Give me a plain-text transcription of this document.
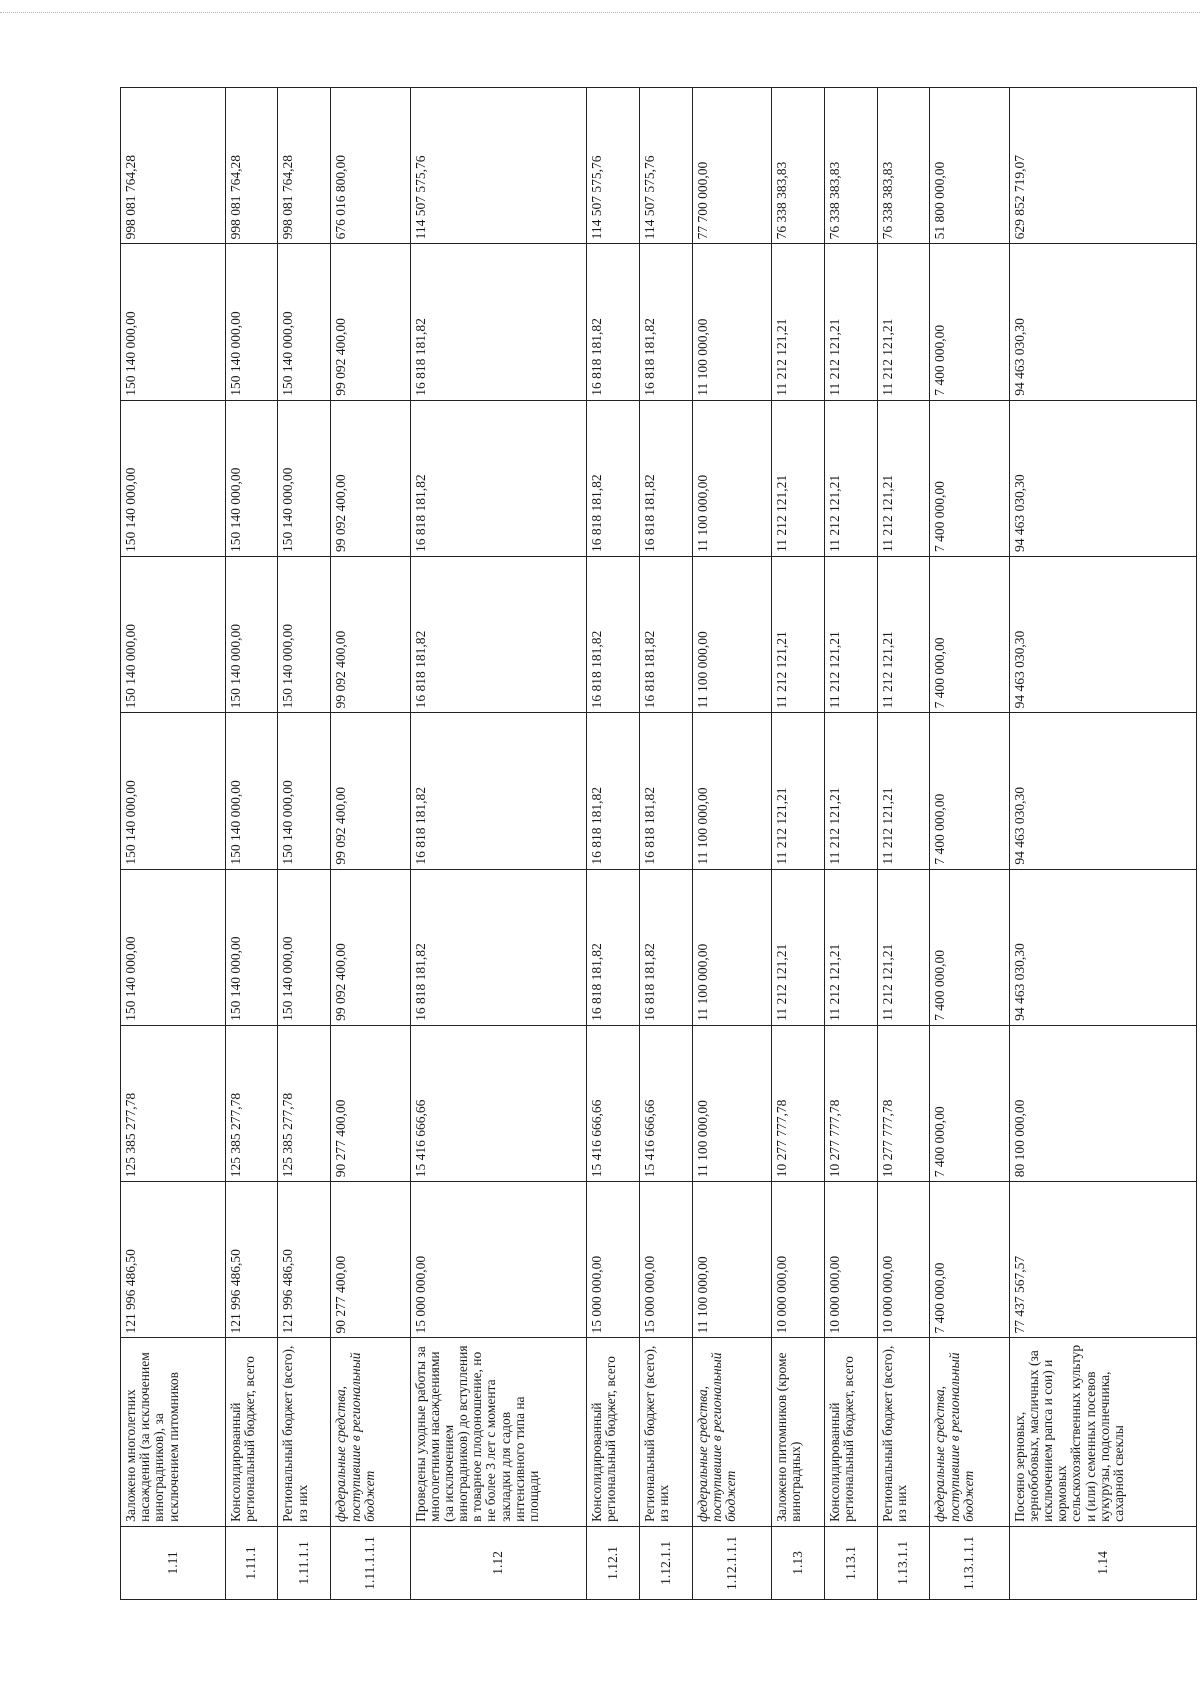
1.11	Заложено многолетних насаждений (за исключением виноградников), за исключением питомников	121 996 486,50	125 385 277,78	150 140 000,00	150 140 000,00	150 140 000,00	150 140 000,00	150 140 000,00	998 081 764,28
1.11.1	Консолидированный региональный бюджет, всего	121 996 486,50	125 385 277,78	150 140 000,00	150 140 000,00	150 140 000,00	150 140 000,00	150 140 000,00	998 081 764,28
1.11.1.1	Региональный бюджет (всего), из них	121 996 486,50	125 385 277,78	150 140 000,00	150 140 000,00	150 140 000,00	150 140 000,00	150 140 000,00	998 081 764,28
1.11.1.1.1	федеральные средства, поступившие в региональный бюджет	90 277 400,00	90 277 400,00	99 092 400,00	99 092 400,00	99 092 400,00	99 092 400,00	99 092 400,00	676 016 800,00
1.12	Проведены уходные работы за многолетними насаждениями (за исключением виноградников) до вступления в товарное плодоношение, но не более 3 лет с момента закладки для садов интенсивного типа на площади	15 000 000,00	15 416 666,66	16 818 181,82	16 818 181,82	16 818 181,82	16 818 181,82	16 818 181,82	114 507 575,76
1.12.1	Консолидированный региональный бюджет, всего	15 000 000,00	15 416 666,66	16 818 181,82	16 818 181,82	16 818 181,82	16 818 181,82	16 818 181,82	114 507 575,76
1.12.1.1	Региональный бюджет (всего), из них	15 000 000,00	15 416 666,66	16 818 181,82	16 818 181,82	16 818 181,82	16 818 181,82	16 818 181,82	114 507 575,76
1.12.1.1.1	федеральные средства, поступившие в региональный бюджет	11 100 000,00	11 100 000,00	11 100 000,00	11 100 000,00	11 100 000,00	11 100 000,00	11 100 000,00	77 700 000,00
1.13	Заложено питомников (кроме виноградных)	10 000 000,00	10 277 777,78	11 212 121,21	11 212 121,21	11 212 121,21	11 212 121,21	11 212 121,21	76 338 383,83
1.13.1	Консолидированный региональный бюджет, всего	10 000 000,00	10 277 777,78	11 212 121,21	11 212 121,21	11 212 121,21	11 212 121,21	11 212 121,21	76 338 383,83
1.13.1.1	Региональный бюджет (всего), из них	10 000 000,00	10 277 777,78	11 212 121,21	11 212 121,21	11 212 121,21	11 212 121,21	11 212 121,21	76 338 383,83
1.13.1.1.1	федеральные средства, поступившие в региональный бюджет	7 400 000,00	7 400 000,00	7 400 000,00	7 400 000,00	7 400 000,00	7 400 000,00	7 400 000,00	51 800 000,00
1.14	Посеяно зерновых, зернобобовых, масличных (за исключением рапса и сои) и кормовых сельскохозяйственных культур и (или) семенных посевов кукурузы, подсолнечника, сахарной свеклы	77 437 567,57	80 100 000,00	94 463 030,30	94 463 030,30	94 463 030,30	94 463 030,30	94 463 030,30	629 852 719,07
